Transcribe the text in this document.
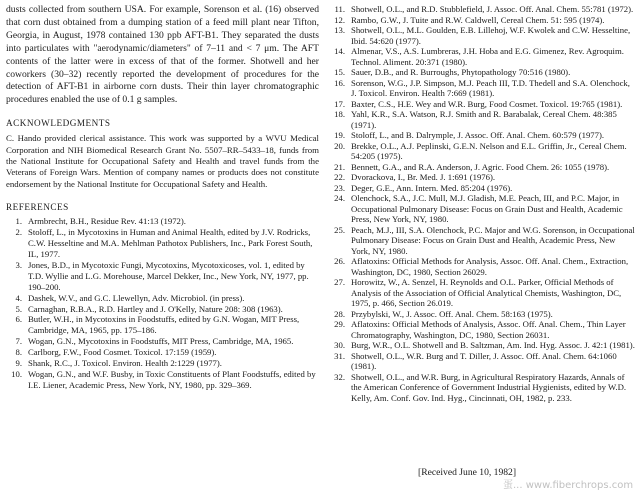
dusts collected from southern USA. For example, Sorenson et al. (16) observed that corn dust obtained from a dumping station of a feed mill plant near Tifton, Georgia, in August, 1978 contained 130 ppb AFT-B1. They separated the dusts into particulates with "aerodynamic/diameters" of 7–11 and < 7 μm. The AFT contents of the latter were in excess of that of the former. Shotwell and her coworkers (30–32) recently reported the development of procedures for the detection of AFT-B1 in airborne corn dusts. Their thin layer chromatographic procedures enabled the use of 0.1 g samples.

ACKNOWLEDGMENTS

C. Hando provided clerical assistance. This work was supported by a WVU Medical Corporation and NIH Biomedical Research Grant No. 5507–RR–5433–18, funds from the National Institute for Occupational Safety and Health and travel funds from the Veterans of Foreign Wars. Mention of company names or products does not constitute endorsement by the National Institute for Occupational Safety and Health.

REFERENCES
1. Armbrecht, B.H., Residue Rev. 41:13 (1972).
2. Stoloff, L., in Mycotoxins in Human and Animal Health, edited by J.V. Rodricks, C.W. Hesseltine and M.A. Mehlman Pathotox Publishers, Inc., Park Forest South, IL, 1977.
3. Jones, B.D., in Mycotoxic Fungi, Mycotoxins, Mycotoxicoses, vol. 1, edited by T.D. Wyllie and L.G. Morehouse, Marcel Dekker, Inc., New York, NY, 1977, pp. 190–200.
4. Dashek, W.V., and G.C. Llewellyn, Adv. Microbiol. (in press).
5. Carnaghan, R.B.A., R.D. Hartley and J. O'Kelly, Nature 208: 308 (1963).
6. Butler, W.H., in Mycotoxins in Foodstuffs, edited by G.N. Wogan, MIT Press, Cambridge, MA, 1965, pp. 175–186.
7. Wogan, G.N., Mycotoxins in Foodstuffs, MIT Press, Cambridge, MA, 1965.
8. Carlborg, F.W., Food Cosmet. Toxicol. 17:159 (1959).
9. Shank, R.C., J. Toxicol. Environ. Health 2:1229 (1977).
10. Wogan, G.N., and W.F. Busby, in Toxic Constituents of Plant Foodstuffs, edited by I.E. Liener, Academic Press, New York, NY, 1980, pp. 329–369.
11. Shotwell, O.L., and R.D. Stubblefield, J. Assoc. Off. Anal. Chem. 55:781 (1972).
12. Rambo, G.W., J. Tuite and R.W. Caldwell, Cereal Chem. 51: 595 (1974).
13. Shotwell, O.L., M.L. Goulden, E.B. Lillehoj, W.F. Kwolek and C.W. Hesseltine, Ibid. 54:620 (1977).
14. Almenar, V.S., A.S. Lumbreras, J.H. Hoba and E.G. Gimenez, Rev. Agroquim. Technol. Aliment. 20:371 (1980).
15. Sauer, D.B., and R. Burroughs, Phytopathology 70:516 (1980).
16. Sorenson, W.G., J.P. Simpson, M.J. Peach III, T.D. Thedell and S.A. Olenchock, J. Toxicol. Environ. Health 7:669 (1981).
17. Baxter, C.S., H.E. Wey and W.R. Burg, Food Cosmet. Toxicol. 19:765 (1981).
18. Yahl, K.R., S.A. Watson, R.J. Smith and R. Barabalak, Cereal Chem. 48:385 (1971).
19. Stoloff, L., and B. Dalrymple, J. Assoc. Off. Anal. Chem. 60:579 (1977).
20. Brekke, O.L., A.J. Peplinski, G.E.N. Nelson and E.L. Griffin, Jr., Cereal Chem. 54:205 (1975).
21. Bennett, G.A., and R.A. Anderson, J. Agric. Food Chem. 26: 1055 (1978).
22. Dvorackova, I., Br. Med. J. 1:691 (1976).
23. Deger, G.E., Ann. Intern. Med. 85:204 (1976).
24. Olenchock, S.A., J.C. Mull, M.J. Gladish, M.E. Peach, III, and P.C. Major, in Occupational Pulmonary Disease: Focus on Grain Dust and Health, Academic Press, New York, NY, 1980.
25. Peach, M.J., III, S.A. Olenchock, P.C. Major and W.G. Sorenson, in Occupational Pulmonary Disease: Focus on Grain Dust and Health, Academic Press, New York, NY, 1980.
26. Aflatoxins: Official Methods for Analysis, Assoc. Off. Anal. Chem., Extraction, Washington, DC, 1980, Section 26029.
27. Horowitz, W., A. Senzel, H. Reynolds and O.L. Parker, Official Methods of Analysis of the Association of Official Analytical Chemists, Washington, DC, 1975, p. 466, Section 26.019.
28. Przybylski, W., J. Assoc. Off. Anal. Chem. 58:163 (1975).
29. Aflatoxins: Official Methods of Analysis, Assoc. Off. Anal. Chem., Thin Layer Chromatography, Washington, DC, 1980, Section 26031.
30. Burg, W.R., O.L. Shotwell and B. Saltzman, Am. Ind. Hyg. Assoc. J. 42:1 (1981).
31. Shotwell, O.L., W.R. Burg and T. Diller, J. Assoc. Off. Anal. Chem. 64:1060 (1981).
32. Shotwell, O.L., and W.R. Burg, in Agricultural Respiratory Hazards, Annals of the American Conference of Government Industrial Hygienists, edited by W.D. Kelly, Am. Conf. Gov. Ind. Hyg., Cincinnati, OH, 1982, p. 233.
[Received June 10, 1982]
蛋... www.fiberchrops.com
